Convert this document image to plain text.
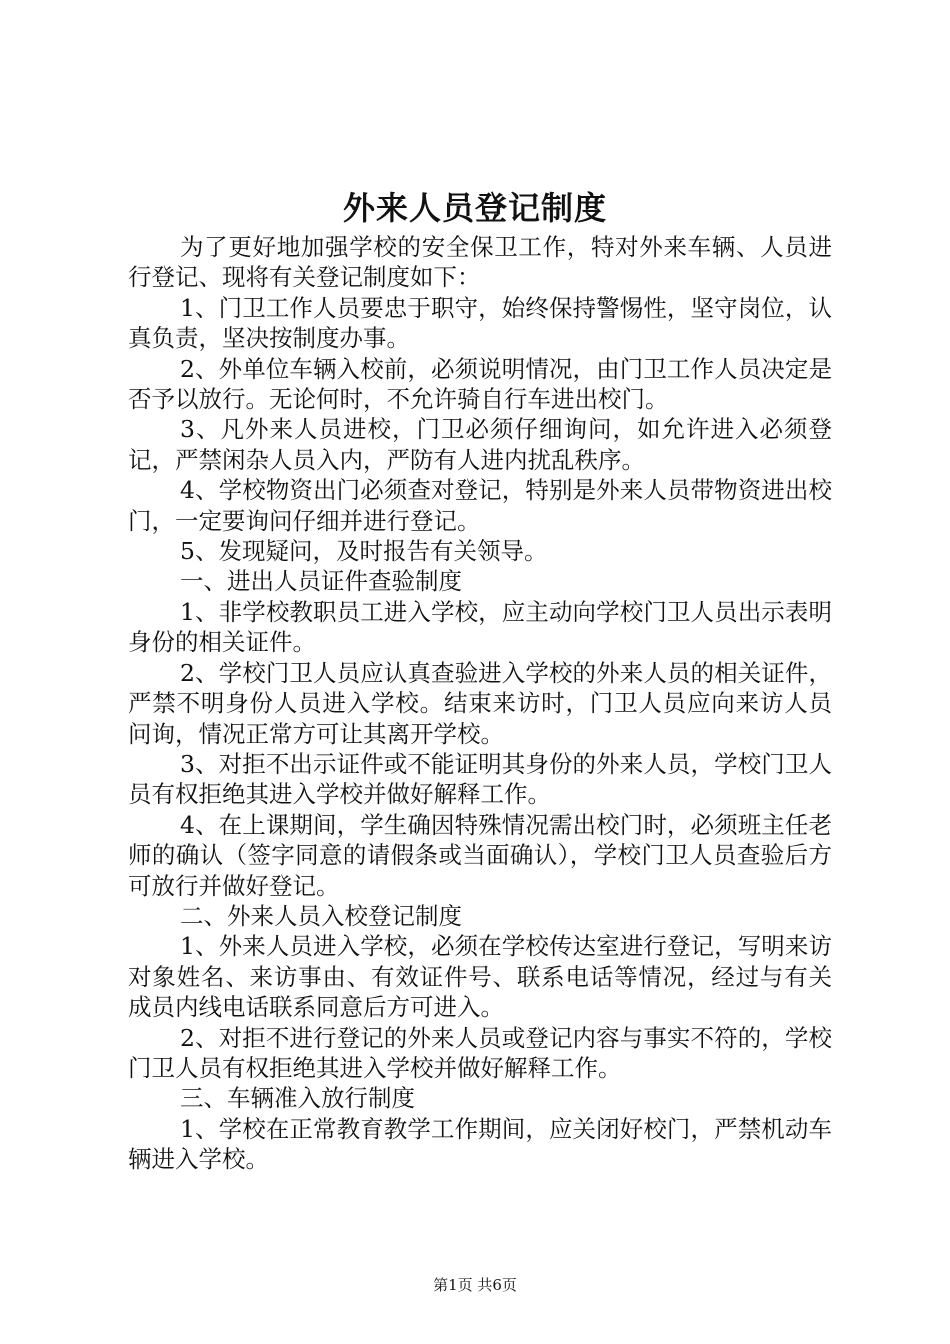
外来人员登记制度

为了更好地加强学校的安全保卫工作，特对外来车辆、人员进行登记、现将有关登记制度如下：

1、门卫工作人员要忠于职守，始终保持警惕性，坚守岗位，认真负责，坚决按制度办事。

2、外单位车辆入校前，必须说明情况，由门卫工作人员决定是否予以放行。无论何时，不允许骑自行车进出校门。

3、凡外来人员进校，门卫必须仔细询问，如允许进入必须登记，严禁闲杂人员入内，严防有人进内扰乱秩序。

4、学校物资出门必须查对登记，特别是外来人员带物资进出校门，一定要询问仔细并进行登记。

5、发现疑问，及时报告有关领导。

一、进出人员证件查验制度

1、非学校教职员工进入学校，应主动向学校门卫人员出示表明身份的相关证件。

2、学校门卫人员应认真查验进入学校的外来人员的相关证件，严禁不明身份人员进入学校。结束来访时，门卫人员应向来访人员问询，情况正常方可让其离开学校。

3、对拒不出示证件或不能证明其身份的外来人员，学校门卫人员有权拒绝其进入学校并做好解释工作。

4、在上课期间，学生确因特殊情况需出校门时，必须班主任老师的确认（签字同意的请假条或当面确认），学校门卫人员查验后方可放行并做好登记。

二、外来人员入校登记制度

1、外来人员进入学校，必须在学校传达室进行登记，写明来访对象姓名、来访事由、有效证件号、联系电话等情况，经过与有关成员内线电话联系同意后方可进入。

2、对拒不进行登记的外来人员或登记内容与事实不符的，学校门卫人员有权拒绝其进入学校并做好解释工作。

三、车辆准入放行制度

1、学校在正常教育教学工作期间，应关闭好校门，严禁机动车辆进入学校。

第1页 共6页
